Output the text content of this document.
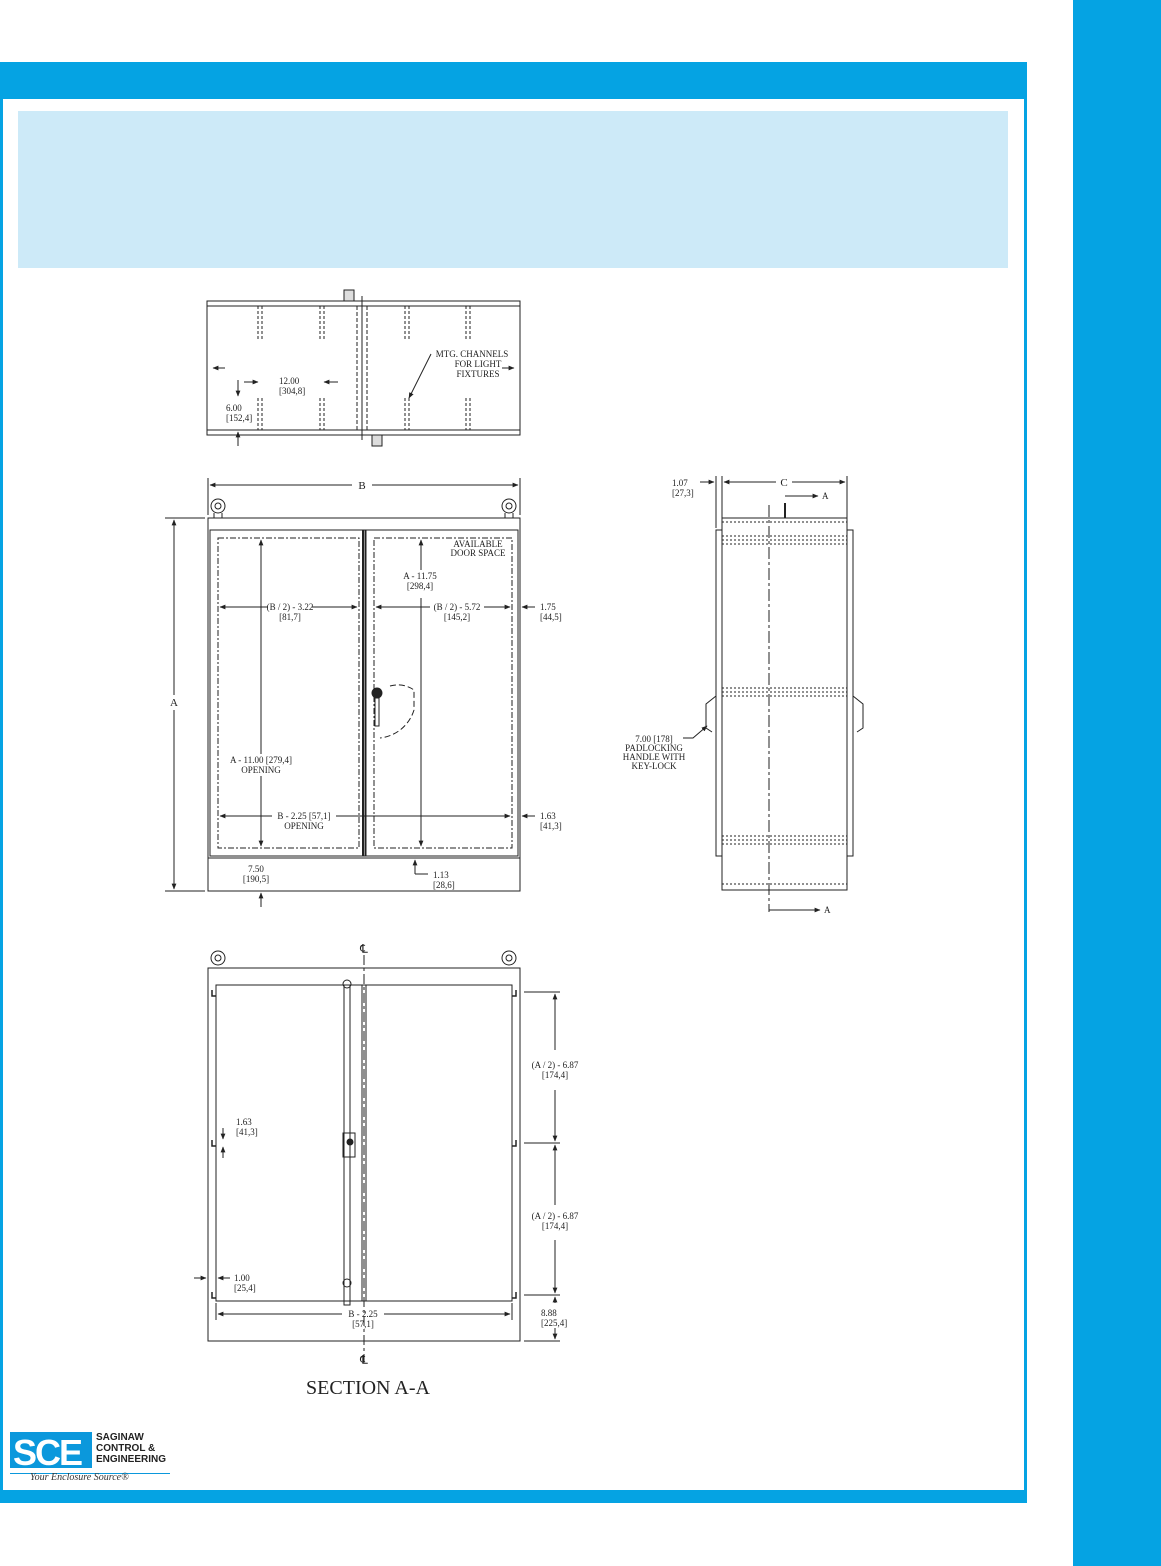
MTG. CHANNELS
FOR LIGHT
FIXTURES
12.00
[304,8]
6.00
[152,4]
B
A
AVAILABLE
DOOR SPACE
(B / 2) - 3.22
[81,7]
(B / 2) - 5.72
[145,2]
A - 11.75
[298,4]
1.75
[44,5]
A - 11.00 [279,4]
OPENING
B - 2.25 [57,1]
OPENING
1.63
[41,3]
7.50
[190,5]	1.13
[28,6]
1.07
[27,3]
C
A
A
7.00 [178]
PADLOCKING
HANDLE WITH
KEY-LOCK
℄
℄
(A / 2) - 6.87
[174,4]
(A / 2) - 6.87
[174,4]
1.63
[41,3]
1.00
[25,4]
B - 2.25
[57,1]
8.88
[225,4]
SECTION A-A
SCE SAGINAW
CONTROL &
ENGINEERING
Your Enclosure Source®
